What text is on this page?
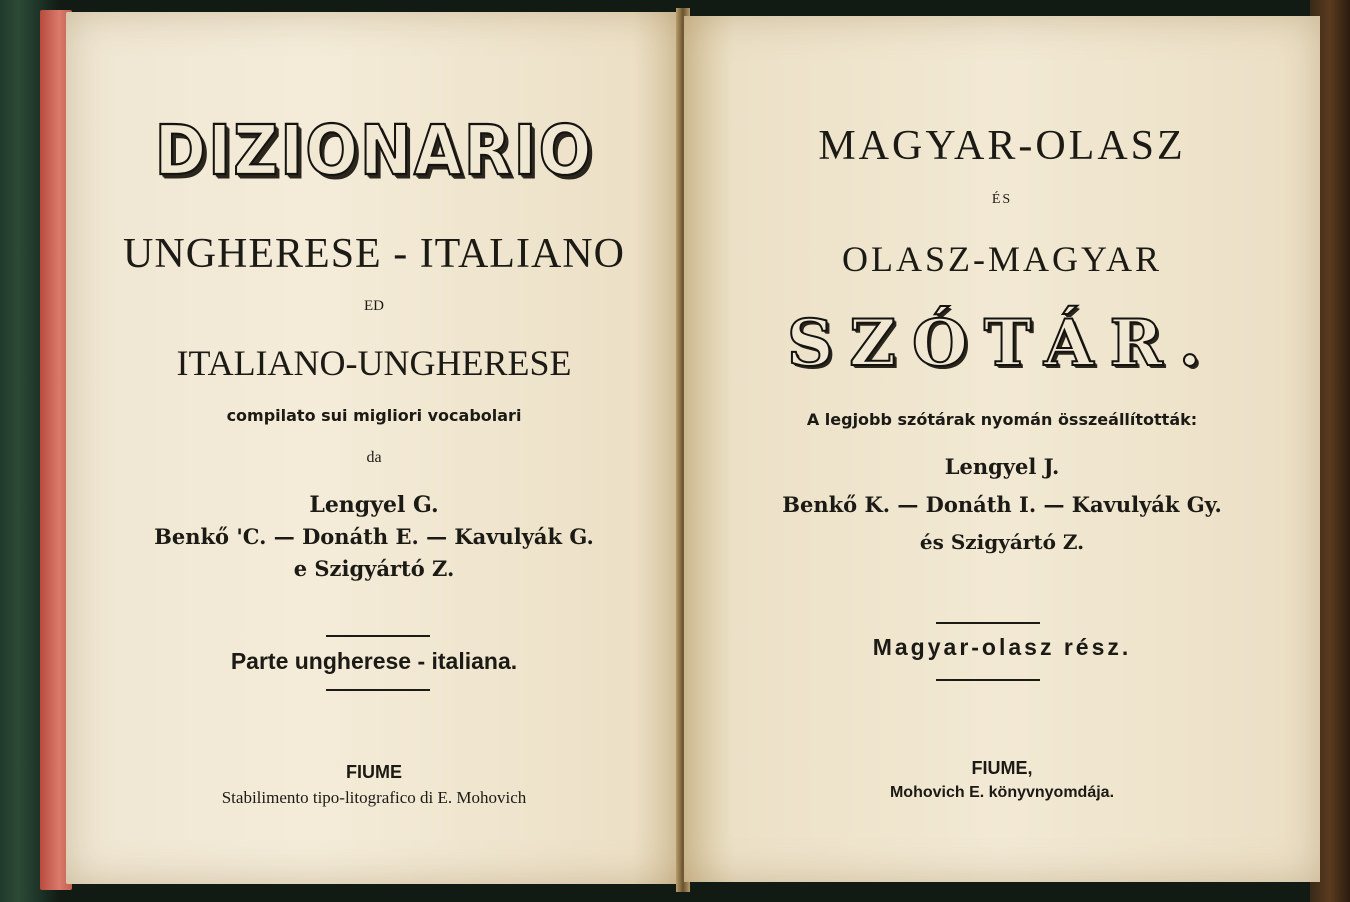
DIZIONARIO
UNGHERESE - ITALIANO
ED
ITALIANO-UNGHERESE
compilato sui migliori vocabolari
da
Lengyel G.
Benkő 'C. — Donáth E. — Kavulyák G.
e Szigyártó Z.
Parte ungherese - italiana.
FIUME
Stabilimento tipo-litografico di E. Mohovich
MAGYAR-OLASZ
ÉS
OLASZ-MAGYAR
SZÓTÁR.
A legjobb szótárak nyomán összeállították:
Lengyel J.
Benkő K. — Donáth I. — Kavulyák Gy.
és Szigyártó Z.
Magyar-olasz rész.
FIUME,
Mohovich E. könyvnyomdája.
